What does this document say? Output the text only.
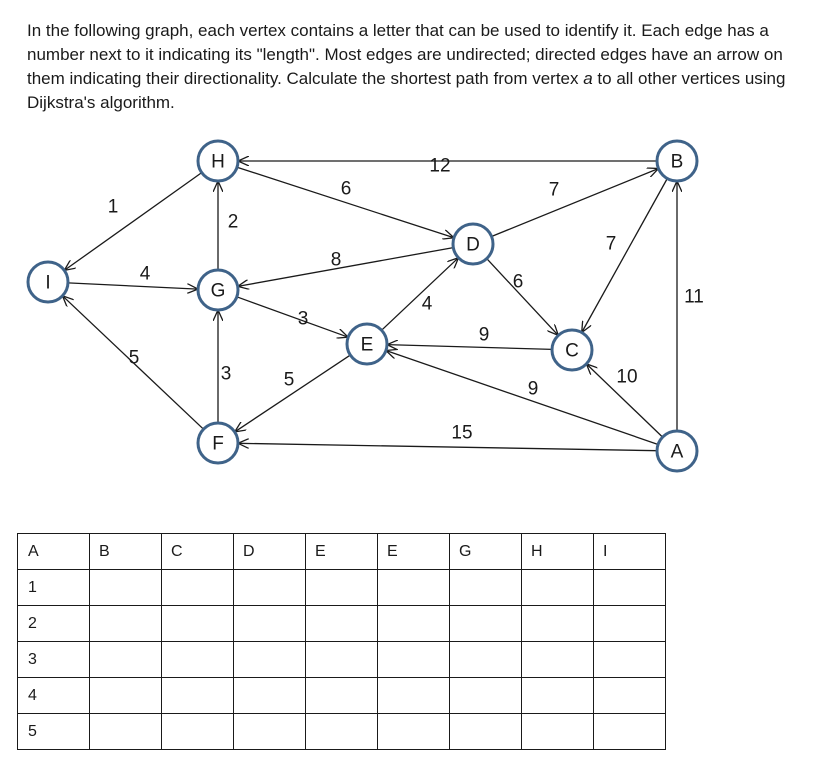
In the following graph, each vertex contains a letter that can be used to identify it. Each edge has a number next to it indicating its "length". Most edges are undirected; directed edges have an arrow on them indicating their directionality. Calculate the shortest path from vertex a to all other vertices using Dijkstra's algorithm.

12
1
6
2
7
7
11
4
5
8
3
3
4
6
9
5	9
10
15
H	B
D
I	G
E	C
F	A
A	B	C	D	E	E	G	H	I
1								
2								
3								
4								
5								
